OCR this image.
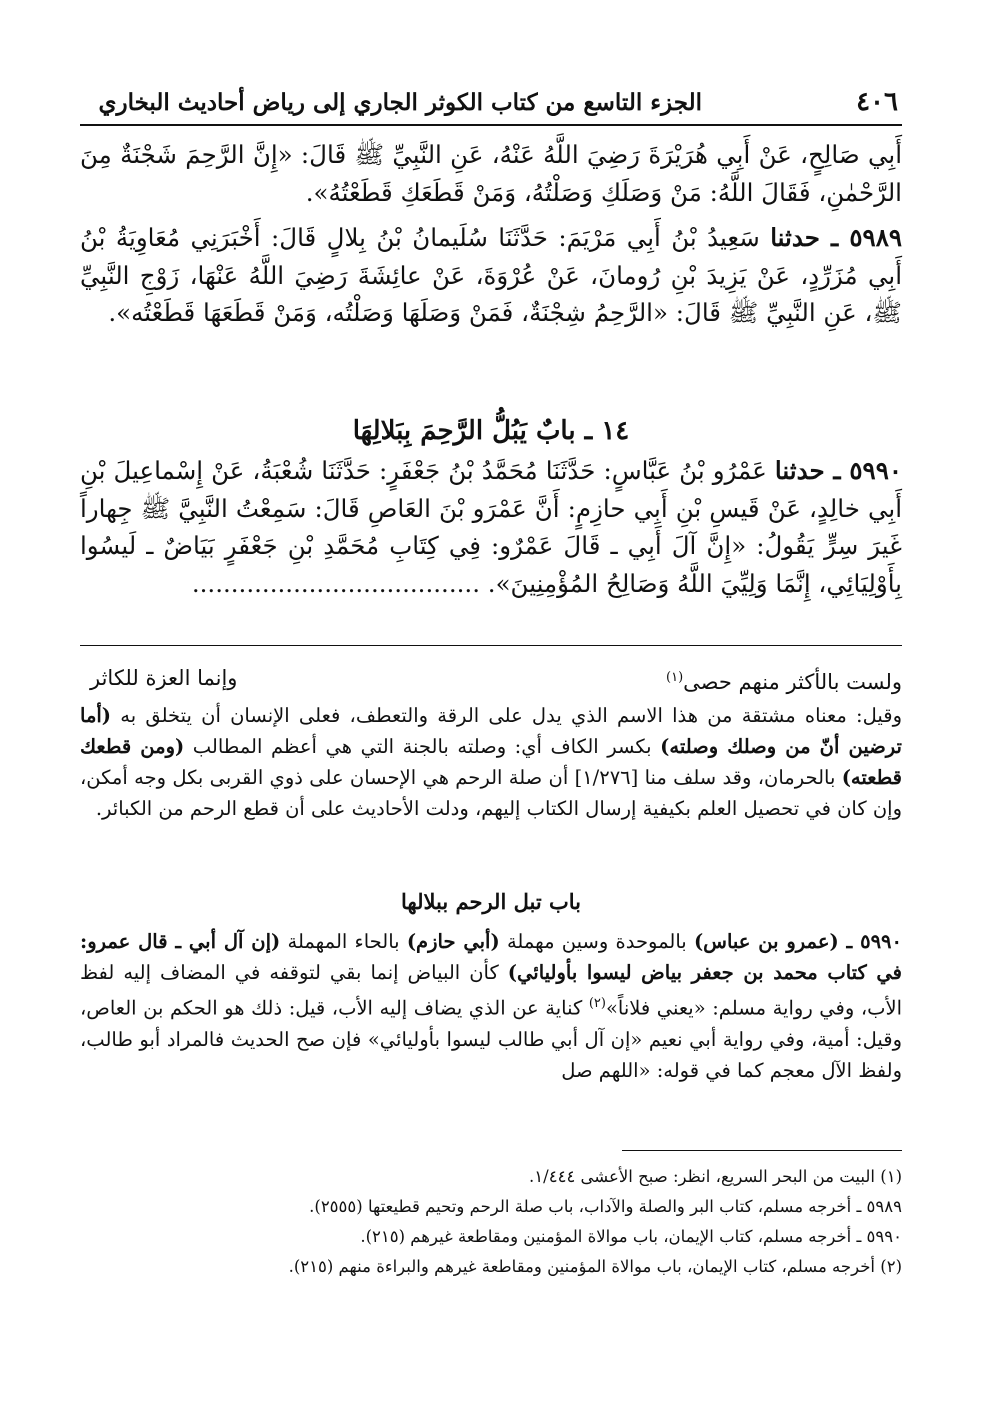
٤٠٦
الجزء التاسع من كتاب الكوثر الجاري إلى رياض أحاديث البخاري

أَبِي صَالِحٍ، عَنْ أَبِي هُرَيْرَةَ رَضِيَ اللَّهُ عَنْهُ، عَنِ النَّبِيِّ ﷺ قَالَ: «إِنَّ الرَّحِمَ شَجْنَةٌ مِنَ الرَّحْمٰنِ، فَقَالَ اللَّهُ: مَنْ وَصَلَكِ وَصَلْتُهُ، وَمَنْ قَطَعَكِ قَطَعْتُهُ».

٥٩٨٩ ـ حدثنا سَعِيدُ بْنُ أَبِي مَرْيَمَ: حَدَّثَنَا سُلَيمانُ بْنُ بِلالٍ قَالَ: أَخْبَرَنِي مُعَاوِيَةُ بْنُ أَبِي مُزَرِّدٍ، عَنْ يَزِيدَ بْنِ رُومانَ، عَنْ عُرْوَةَ، عَنْ عائِشَةَ رَضِيَ اللَّهُ عَنْهَا، زَوْجِ النَّبِيِّ ﷺ، عَنِ النَّبِيِّ ﷺ قَالَ: «الرَّحِمُ شِجْنَةٌ، فَمَنْ وَصَلَهَا وَصَلْتُه، وَمَنْ قَطَعَهَا قَطَعْتُه».

١٤ ـ بابٌ يَبُلُّ الرَّحِمَ بِبَلالِهَا

٥٩٩٠ ـ حدثنا عَمْرُو بْنُ عَبَّاسٍ: حَدَّثَنَا مُحَمَّدُ بْنُ جَعْفَرٍ: حَدَّثَنَا شُعْبَةُ، عَنْ إِسْماعِيلَ بْنِ أَبِي خالِدٍ، عَنْ قَيسِ بْنِ أَبِي حازِمٍ: أَنَّ عَمْرَو بْنَ العَاصِ قَالَ: سَمِعْتُ النَّبِيَّ ﷺ جِهاراً غَيرَ سِرٍّ يَقُولُ: «إِنَّ آلَ أَبِي ـ قَالَ عَمْرٌو: فِي كِتَابِ مُحَمَّدِ بْنِ جَعْفَرٍ بَيَاضٌ ـ لَيسُوا بِأَوْلِيَائِي، إِنَّمَا وَلِيِّيَ اللَّهُ وَصَالِحُ المُؤْمِنِينَ». .....................................

ولست بالأكثر منهم حصى$^{(١)}$
وإنما العزة للكاثر

وقيل: معناه مشتقة من هذا الاسم الذي يدل على الرقة والتعطف، فعلى الإنسان أن يتخلق به (أما ترضين أنّ من وصلك وصلته) بكسر الكاف أي: وصلته بالجنة التي هي أعظم المطالب (ومن قطعك قطعته) بالحرمان، وقد سلف منا [١/٢٧٦] أن صلة الرحم هي الإحسان على ذوي القربى بكل وجه أمكن، وإن كان في تحصيل العلم بكيفية إرسال الكتاب إليهم، ودلت الأحاديث على أن قطع الرحم من الكبائر.

باب تبل الرحم ببلالها

٥٩٩٠ ـ (عمرو بن عباس) بالموحدة وسين مهملة (أبي حازم) بالحاء المهملة (إن آل أبي ـ قال عمرو: في كتاب محمد بن جعفر بياض ليسوا بأوليائي) كأن البياض إنما بقي لتوقفه في المضاف إليه لفظ الأب، وفي رواية مسلم: «يعني فلاناً»$^{(٢)}$ كناية عن الذي يضاف إليه الأب، قيل: ذلك هو الحكم بن العاص، وقيل: أمية، وفي رواية أبي نعيم «إن آل أبي طالب ليسوا بأوليائي» فإن صح الحديث فالمراد أبو طالب، ولفظ الآل معجم كما في قوله: «اللهم صل

(١) البيت من البحر السريع، انظر: صبح الأعشى ١/٤٤٤.

٥٩٨٩ ـ أخرجه مسلم، كتاب البر والصلة والآداب، باب صلة الرحم وتحيم قطيعتها (٢٥٥٥).

٥٩٩٠ ـ أخرجه مسلم، كتاب الإيمان، باب موالاة المؤمنين ومقاطعة غيرهم (٢١٥).

(٢) أخرجه مسلم، كتاب الإيمان، باب موالاة المؤمنين ومقاطعة غيرهم والبراءة منهم (٢١٥).
